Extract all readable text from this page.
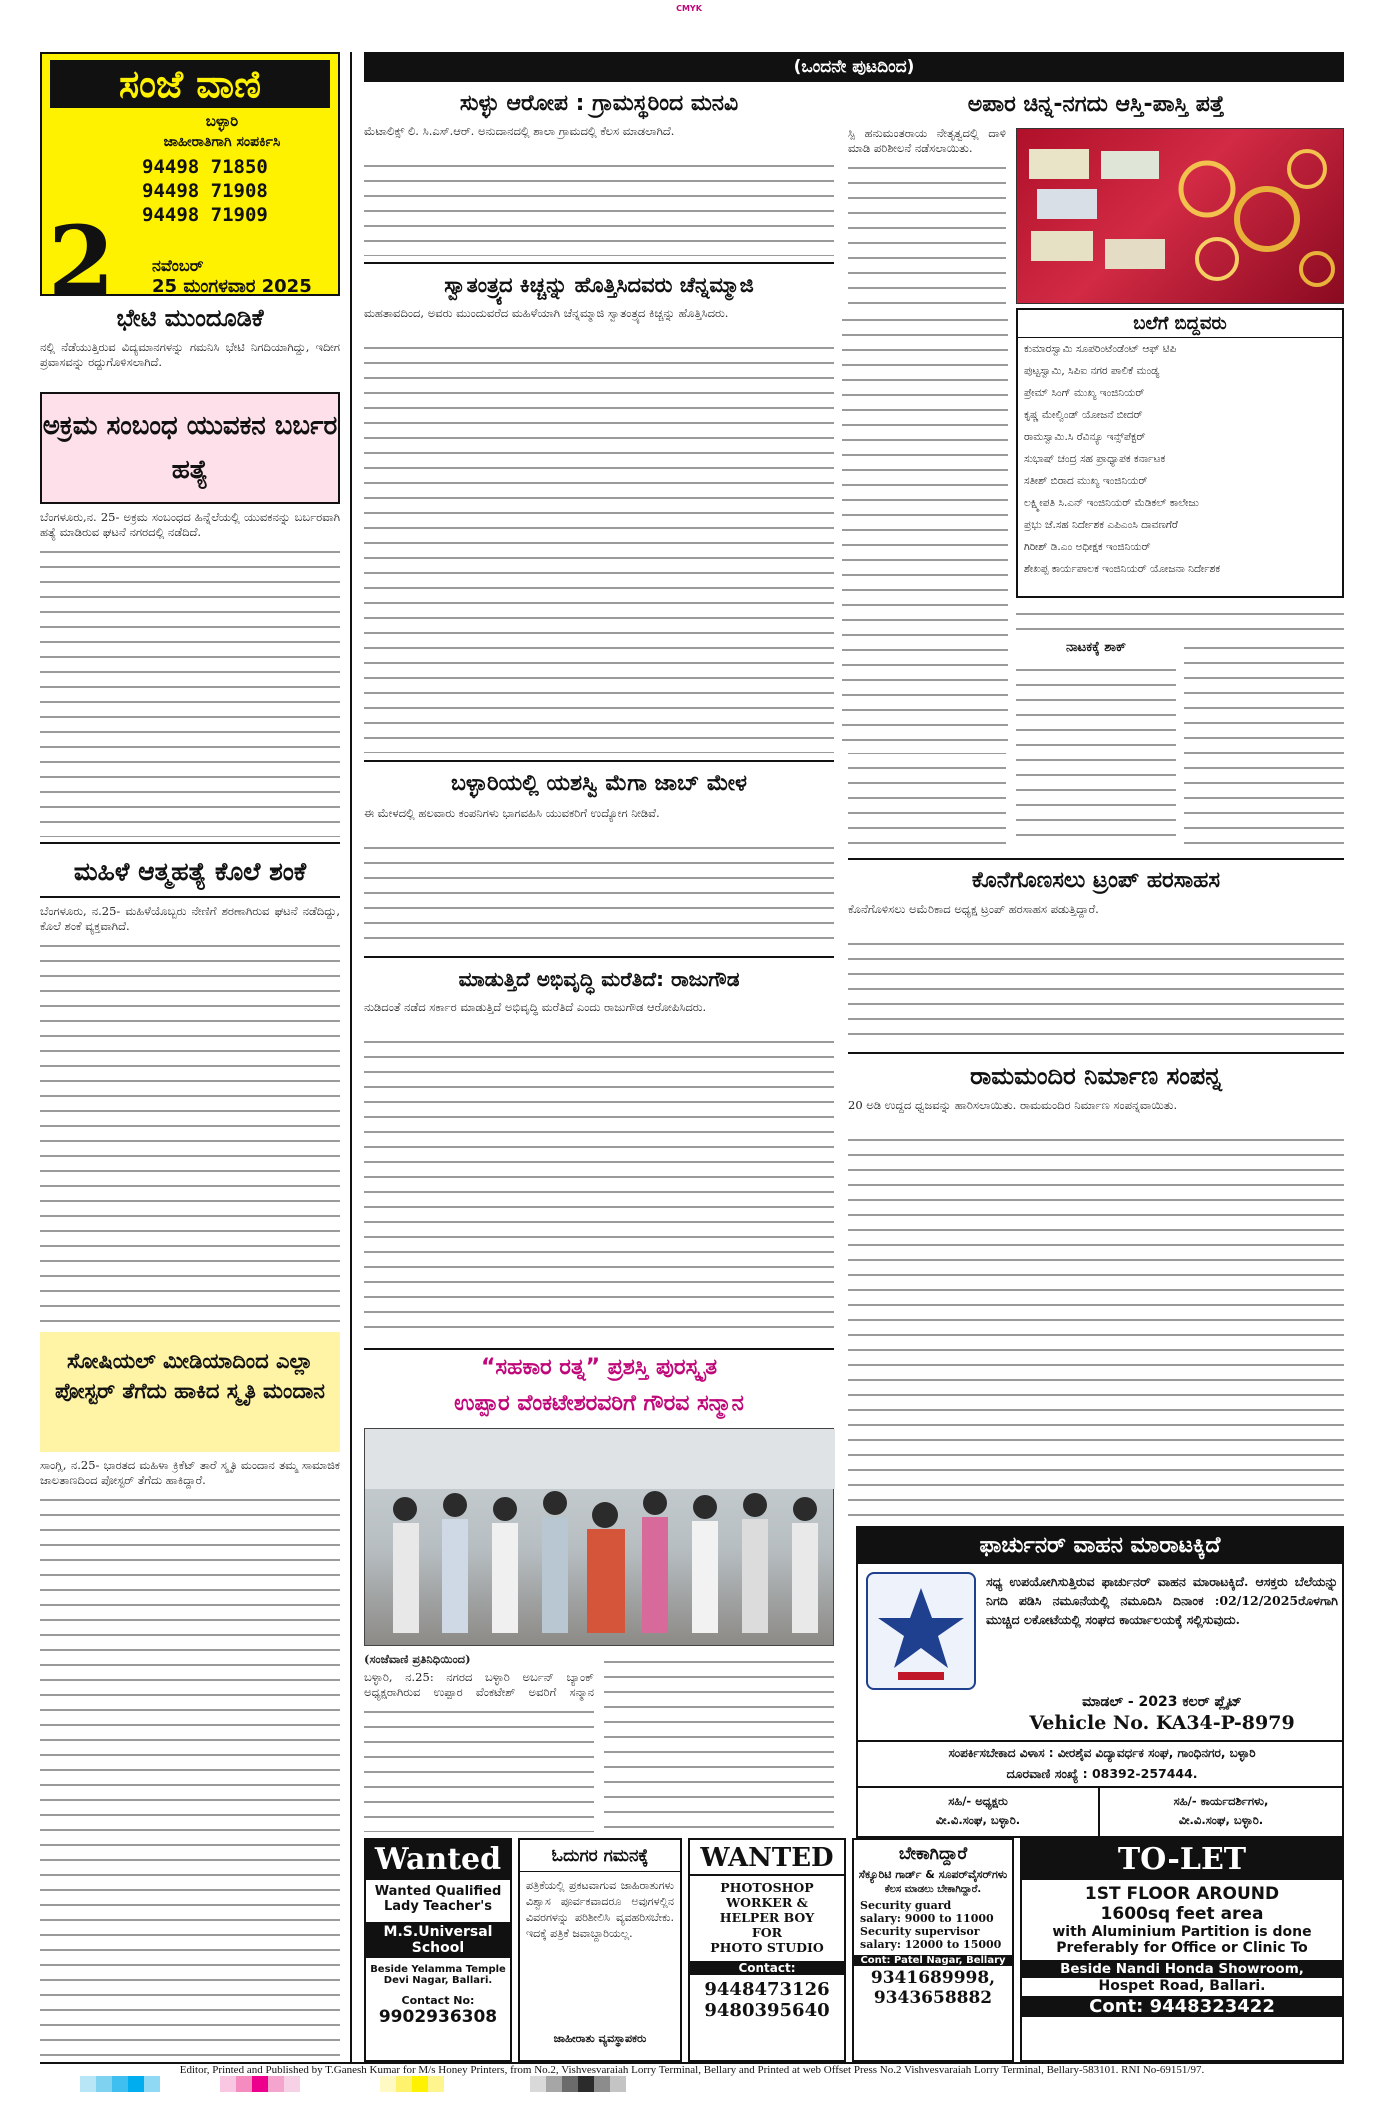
CMYK
ಸಂಜೆ ವಾಣಿ
ಬಳ್ಳಾರಿ
ಜಾಹೀರಾತಿಗಾಗಿ ಸಂಪರ್ಕಿಸಿ
94498 71850
94498 71908
94498 71909
2 ನವೆಂಬರ್
25 ಮಂಗಳವಾರ 2025
ಭೇಟಿ ಮುಂದೂಡಿಕೆ
ನಲ್ಲಿ ನೆಡೆಯುತ್ತಿರುವ ವಿದ್ಯಮಾನಗಳನ್ನು ಗಮನಿಸಿ ಭೇಟಿ ನಿಗದಿಯಾಗಿದ್ದು, ಇದೀಗ ಪ್ರವಾಸವನ್ನು ರದ್ದುಗೊಳಿಸಲಾಗಿದೆ.
ಅಕ್ರಮ ಸಂಬಂಧ ಯುವಕನ ಬರ್ಬರ ಹತ್ಯೆ
ಬೆಂಗಳೂರು,ನ. 25- ಅಕ್ರಮ ಸಂಬಂಧದ ಹಿನ್ನೆಲೆಯಲ್ಲಿ ಯುವಕನನ್ನು ಬರ್ಬರವಾಗಿ ಹತ್ಯೆ ಮಾಡಿರುವ ಘಟನೆ ನಗರದಲ್ಲಿ ನಡೆದಿದೆ.
ಮಹಿಳೆ ಆತ್ಮಹತ್ಯೆ ಕೊಲೆ ಶಂಕೆ
ಬೆಂಗಳೂರು, ನ.25- ಮಹಿಳೆಯೊಬ್ಬರು ನೇಣಿಗೆ ಶರಣಾಗಿರುವ ಘಟನೆ ನಡೆದಿದ್ದು, ಕೊಲೆ ಶಂಕೆ ವ್ಯಕ್ತವಾಗಿದೆ.
ಸೋಷಿಯಲ್ ಮೀಡಿಯಾದಿಂದ ಎಲ್ಲಾ ಪೋಸ್ಟರ್ ತೆಗೆದು ಹಾಕಿದ ಸ್ಮೃತಿ ಮಂದಾನ
ಸಾಂಗ್ಲಿ, ನ.25- ಭಾರತದ ಮಹಿಳಾ ಕ್ರಿಕೆಟ್ ತಾರೆ ಸ್ಮೃತಿ ಮಂದಾನ ತಮ್ಮ ಸಾಮಾಜಿಕ ಜಾಲತಾಣದಿಂದ ಪೋಸ್ಟರ್ ತೆಗೆದು ಹಾಕಿದ್ದಾರೆ.
(ಒಂದನೇ ಪುಟದಿಂದ)
ಸುಳ್ಳು ಆರೋಪ : ಗ್ರಾಮಸ್ಥರಿಂದ ಮನವಿ
ಮೆಟಾಲಿಕ್ಸ್ ಲಿ. ಸಿ.ಎಸ್.ಆರ್. ಅನುದಾನದಲ್ಲಿ ಶಾಲಾ ಗ್ರಾಮದಲ್ಲಿ ಕೆಲಸ ಮಾಡಲಾಗಿದೆ.
ಅಪಾರ ಚಿನ್ನ-ನಗದು ಆಸ್ತಿ-ಪಾಸ್ತಿ ಪತ್ತೆ
ಸ್ಪಿ ಹನುಮಂತರಾಯ ನೇತೃತ್ವದಲ್ಲಿ ದಾಳಿ ಮಾಡಿ ಪರಿಶೀಲನೆ ನಡೆಸಲಾಯಿತು.
ಬಲೆಗೆ ಬಿದ್ದವರು
ಕುಮಾರಸ್ವಾಮಿ ಸೂಪರಿಂಟೆಂಡೆಂಟ್ ಆಫ್ ಟಿಪಿ
ಪುಟ್ಟಸ್ವಾಮಿ, ಸಿಪಿಐ ನಗರ ಪಾಲಿಕೆ ಮಂಡ್ಯ
ಪ್ರೇಮ್ ಸಿಂಗ್ ಮುಖ್ಯ ಇಂಜಿನಿಯರ್
ಕೃಷ್ಣ ಮೇಲ್ವಿಂಡ್ ಯೋಜನೆ ಬೀದರ್
ರಾಮಸ್ವಾಮಿ.ಸಿ ರೆವಿನ್ಯೂ ಇನ್ಸ್‌ಪೆಕ್ಟರ್
ಸುಭಾಷ್ ಚಂದ್ರ ಸಹ ಪ್ರಾಧ್ಯಾಪಕ ಕರ್ನಾಟಕ
ಸತೀಶ್ ಬಿರಾದ ಮುಖ್ಯ ಇಂಜಿನಿಯರ್
ಲಕ್ಷ್ಮೀಪತಿ ಸಿ.ಎನ್ ಇಂಜಿನಿಯರ್ ಮೆಡಿಕಲ್ ಕಾಲೇಜು
ಪ್ರಭು ಜೆ.ಸಹ ನಿರ್ದೇಶಕ ಎಪಿಎಂಸಿ ದಾವಣಗೆರೆ
ಗಿರೀಶ್ ಡಿ.ಎಂ ಅಧೀಕ್ಷಕ ಇಂಜಿನಿಯರ್
ಶೇಖಪ್ಪ ಕಾರ್ಯಪಾಲಕ ಇಂಜಿನಿಯರ್ ಯೋಜನಾ ನಿರ್ದೇಶಕ
ನಾಟಕಕ್ಕೆ ಶಾಕ್
ಸ್ವಾತಂತ್ರ್ಯದ ಕಿಚ್ಚನ್ನು ಹೊತ್ತಿಸಿದವರು ಚೆನ್ನಮ್ಮಾಜಿ
ಮಹತಾವದಿಂದ, ಅವರು ಮುಂದುವರೆದ ಮಹಿಳೆಯಾಗಿ ಚೆನ್ನಮ್ಮಾಜಿ ಸ್ವಾತಂತ್ರ್ಯದ ಕಿಚ್ಚನ್ನು ಹೊತ್ತಿಸಿದರು.
ಬಳ್ಳಾರಿಯಲ್ಲಿ ಯಶಸ್ವಿ ಮೆಗಾ ಜಾಬ್ ಮೇಳ
ಈ ಮೇಳದಲ್ಲಿ ಹಲವಾರು ಕಂಪನಿಗಳು ಭಾಗವಹಿಸಿ ಯುವಕರಿಗೆ ಉದ್ಯೋಗ ನೀಡಿವೆ.
ಕೊನೆಗೊಣಸಲು ಟ್ರಂಪ್ ಹರಸಾಹಸ
ಕೊನೆಗೊಳಿಸಲು ಅಮೆರಿಕಾದ ಅಧ್ಯಕ್ಷ ಟ್ರಂಪ್ ಹರಸಾಹಸ ಪಡುತ್ತಿದ್ದಾರೆ.
ಮಾಡುತ್ತಿದೆ ಅಭಿವೃದ್ಧಿ ಮರೆತಿದೆ: ರಾಜುಗೌಡ
ನುಡಿದಂತೆ ನಡೆದ ಸರ್ಕಾರ ಮಾಡುತ್ತಿದೆ ಅಭಿವೃದ್ಧಿ ಮರೆತಿದೆ ಎಂದು ರಾಜುಗೌಡ ಆರೋಪಿಸಿದರು.
ರಾಮಮಂದಿರ ನಿರ್ಮಾಣ ಸಂಪನ್ನ
20 ಅಡಿ ಉದ್ದದ ಧ್ವಜವನ್ನು ಹಾರಿಸಲಾಯಿತು. ರಾಮಮಂದಿರ ನಿರ್ಮಾಣ ಸಂಪನ್ನವಾಯಿತು.
“ಸಹಕಾರ ರತ್ನ” ಪ್ರಶಸ್ತಿ ಪುರಸ್ಕೃತ
ಉಪ್ಪಾರ ವೆಂಕಟೇಶರವರಿಗೆ ಗೌರವ ಸನ್ಮಾನ
(ಸಂಜೆವಾಣಿ ಪ್ರತಿನಿಧಿಯಿಂದ)
ಬಳ್ಳಾರಿ, ನ.25: ನಗರದ ಬಳ್ಳಾರಿ ಅರ್ಬನ್ ಬ್ಯಾಂಕ್ ಅಧ್ಯಕ್ಷರಾಗಿರುವ ಉಪ್ಪಾರ ವೆಂಕಟೇಶ್ ಅವರಿಗೆ ಸನ್ಮಾನ
ಫಾರ್ಚುನರ್ ವಾಹನ ಮಾರಾಟಕ್ಕಿದೆ
ಸಧ್ಯ ಉಪಯೋಗಿಸುತ್ತಿರುವ ಫಾರ್ಚುನರ್ ವಾಹನ ಮಾರಾಟಕ್ಕಿದೆ. ಆಸಕ್ತರು ಬೆಲೆಯನ್ನು ನಿಗದಿ ಪಡಿಸಿ ನಮೂನೆಯಲ್ಲಿ ನಮೂದಿಸಿ ದಿನಾಂಕ :02/12/2025ರೊಳಗಾಗಿ ಮುಚ್ಚಿದ ಲಕೋಟೆಯಲ್ಲಿ ಸಂಘದ ಕಾರ್ಯಾಲಯಕ್ಕೆ ಸಲ್ಲಿಸುವುದು.
ಮಾಡಲ್ - 2023 ಕಲರ್ ಪ್ಲೈಟ್
Vehicle No. KA34-P-8979
ಸಂಪರ್ಕಿಸಬೇಕಾದ ವಿಳಾಸ : ವೀರಶೈವ ವಿದ್ಯಾವರ್ಧಕ ಸಂಘ, ಗಾಂಧಿನಗರ, ಬಳ್ಳಾರಿ
ದೂರವಾಣಿ ಸಂಖ್ಯೆ : 08392-257444.
ಸಹಿ/- ಅಧ್ಯಕ್ಷರು
ವೀ.ವಿ.ಸಂಘ, ಬಳ್ಳಾರಿ.
ಸಹಿ/- ಕಾರ್ಯದರ್ಶಿಗಳು,
ವೀ.ವಿ.ಸಂಘ, ಬಳ್ಳಾರಿ.
Wanted
Wanted Qualified
Lady Teacher's
M.S.Universal School
Beside Yelamma Temple Devi Nagar, Ballari.
Contact No:
9902936308
ಓದುಗರ ಗಮನಕ್ಕೆ
ಪತ್ರಿಕೆಯಲ್ಲಿ ಪ್ರಕಟವಾಗುವ ಜಾಹಿರಾತುಗಳು ವಿಶ್ವಾಸ ಪೂರ್ವಕವಾದರೂ ಅವುಗಳಲ್ಲಿನ ವಿವರಗಳನ್ನು ಪರಿಶೀಲಿಸಿ ವ್ಯವಹರಿಸಬೇಕು. ಇದಕ್ಕೆ ಪತ್ರಿಕೆ ಜವಾಬ್ದಾರಿಯಲ್ಲ.
ಜಾಹೀರಾತು ವ್ಯವಸ್ಥಾಪಕರು
WANTED
PHOTOSHOP
WORKER &
HELPER BOY
FOR
PHOTO STUDIO
Contact:
9448473126
9480395640
ಬೇಕಾಗಿದ್ದಾರೆ
ಸೆಕ್ಯೂರಿಟಿ ಗಾರ್ಡ್ & ಸೂಪರ್‌ವೈಸರ್‌ಗಳು
ಕೆಲಸ ಮಾಡಲು ಬೇಕಾಗಿದ್ದಾರೆ.
Security guard
salary: 9000 to 11000
Security supervisor
salary: 12000 to 15000
Cont: Patel Nagar, Bellary
9341689998,
9343658882
TO-LET
1ST FLOOR AROUND
1600sq feet area
with Aluminium Partition is done
Preferably for Office or Clinic To
Beside Nandi Honda Showroom,
Hospet Road, Ballari.
Cont: 9448323422
Editor, Printed and Published by T.Ganesh Kumar for M/s Honey Printers, from No.2, Vishvesvaraiah Lorry Terminal, Bellary and Printed at web Offset Press No.2 Vishvesvaraiah Lorry Terminal, Bellary-583101. RNI No-69151/97.
